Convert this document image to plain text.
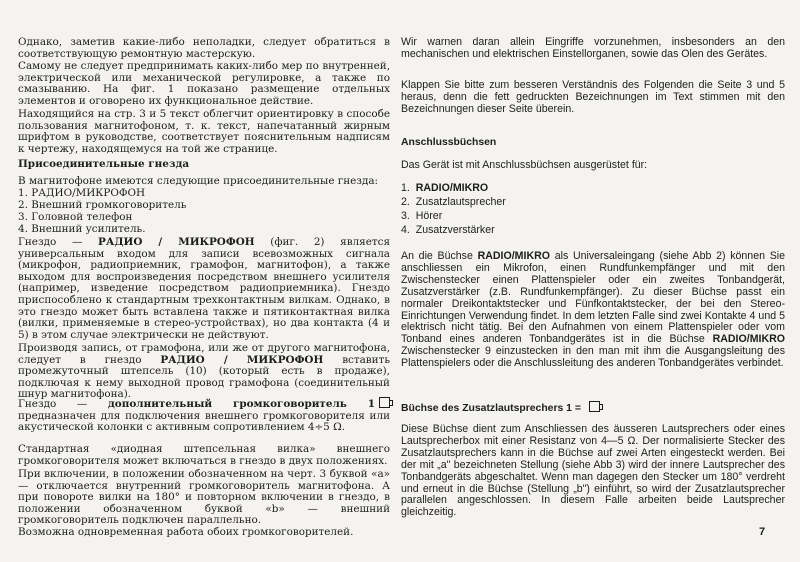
Однако, заметив какие-либо неполадки, следует обратиться в соответствующую ремонтную мастерскую.

Самому не следует предпринимать каких-либо мер по внутренней, электрической или механической регулировке, а также по смазыванию. На фиг. 1 показано размещение отдельных элементов и оговорено их функциональное действие.

Находящийся на стр. 3 и 5 текст облегчит ориентировку в способе пользования магнитофоном, т. к. текст, напечатанный жирным шрифтом в руководстве, соответствует пояснительным надписям к чертежу, находящемуся на той же странице.

Присоединительные гнезда

В магнитофоне имеются следующие присоединительные гнезда:

1. РАДИО/МИКРОФОН

2. Внешний громкоговоритель

3. Головной телефон

4. Внешний усилитель.

Гнездо — РАДИО / МИКРОФОН (фиг. 2) является универсальным входом для записи всевозможных сигнала (микрофон, радиоприемник, грамофон, магнитофон), а также выходом для воспроизведения посредством внешнего усилителя (например, изведение посредством радиоприемника). Гнездо приспособлено к стандартным трехконтактным вилкам. Однако, в это гнездо может быть вставлена также и пятиконтактная вилка (вилки, применяемые в стерео-устройствах), но два контакта (4 и 5) в этом случае электрически не действуют.

Производя запись, от грамофона, или же от другого магнитофона, следует в гнездо РАДИО / МИКРОФОН вставить промежуточный штепсель (10) (который есть в продаже), подключая к нему выходной провод грамофона (соединительный шнур магнитофона).

Гнездо — дополнительный громкоговоритель 1 предназначен для подключения внешнего громкоговорителя или акустической колонки с активным сопротивлением 4÷5 Ω.

Стандартная «диодная штепсельная вилка» внешнего громкоговорителя может включаться в гнездо в двух положениях.

При включении, в положении обозначенном на черт. 3 буквой «а» — отключается внутренний громкоговоритель магнитофона. А при повороте вилки на 180° и повторном включении в гнездо, в положении обозначенном буквой «b» — внешний громкоговоритель подключен параллельно.

Возможна одновременная работа обоих громкоговорителей.

Wir warnen daran allein Eingriffe vorzunehmen, insbesonders an den mechanischen und elektrischen Einstellorganen, sowie das Olen des Gerätes.

Klappen Sie bitte zum besseren Verständnis des Folgenden die Seite 3 und 5 heraus, denn die fett gedruckten Bezeichnungen im Text stimmen mit den Bezeichnungen dieser Seite überein.

Anschlussbüchsen

Das Gerät ist mit Anschlussbüchsen ausgerüstet für:

1. RADIO/MIKRO

2. Zusatzlautsprecher

3. Hörer

4. Zusatzverstärker

An die Büchse RADIO/MIKRO als Universaleingang (siehe Abb 2) können Sie anschliessen ein Mikrofon, einen Rundfunkempfänger und mit den Zwischenstecker einen Plattenspieler oder ein zweites Tonbandgerät, Zusatzverstärker (z.B. Rundfunkempfänger). Zu dieser Büchse passt ein normaler Dreikontaktstecker und Fünfkontaktstecker, der bei den Stereo-Einrichtungen Verwendung findet. In dem letzten Falle sind zwei Kontakte 4 und 5 elektrisch nicht tätig. Bei den Aufnahmen von einem Plattenspieler oder vom Tonband eines anderen Tonbandgerätes ist in die Büchse RADIO/MIKRO Zwischenstecker 9 einzustecken in den man mit ihm die Ausgangsleitung des Plattenspielers oder die Anschlussleitung des anderen Tonbandgerätes verbindet.

Büchse des Zusatzlautsprechers 1 =

Diese Büchse dient zum Anschliessen des äusseren Lautsprechers oder eines Lautsprecherbox mit einer Resistanz von 4—5 Ω. Der normalisierte Stecker des Zusatzlautsprechers kann in die Büchse auf zwei Arten eingesteckt werden. Bei der mit „a" bezeichneten Stellung (siehe Abb 3) wird der innere Lautsprecher des Tonbandgeräts abgeschaltet. Wenn man dagegen den Stecker um 180° verdreht und erneut in die Büchse (Stellung „b") einführt, so wird der Zusatzlautsprecher parallelen angeschlossen. In diesem Falle arbeiten beide Lautsprecher gleichzeitig.

7
